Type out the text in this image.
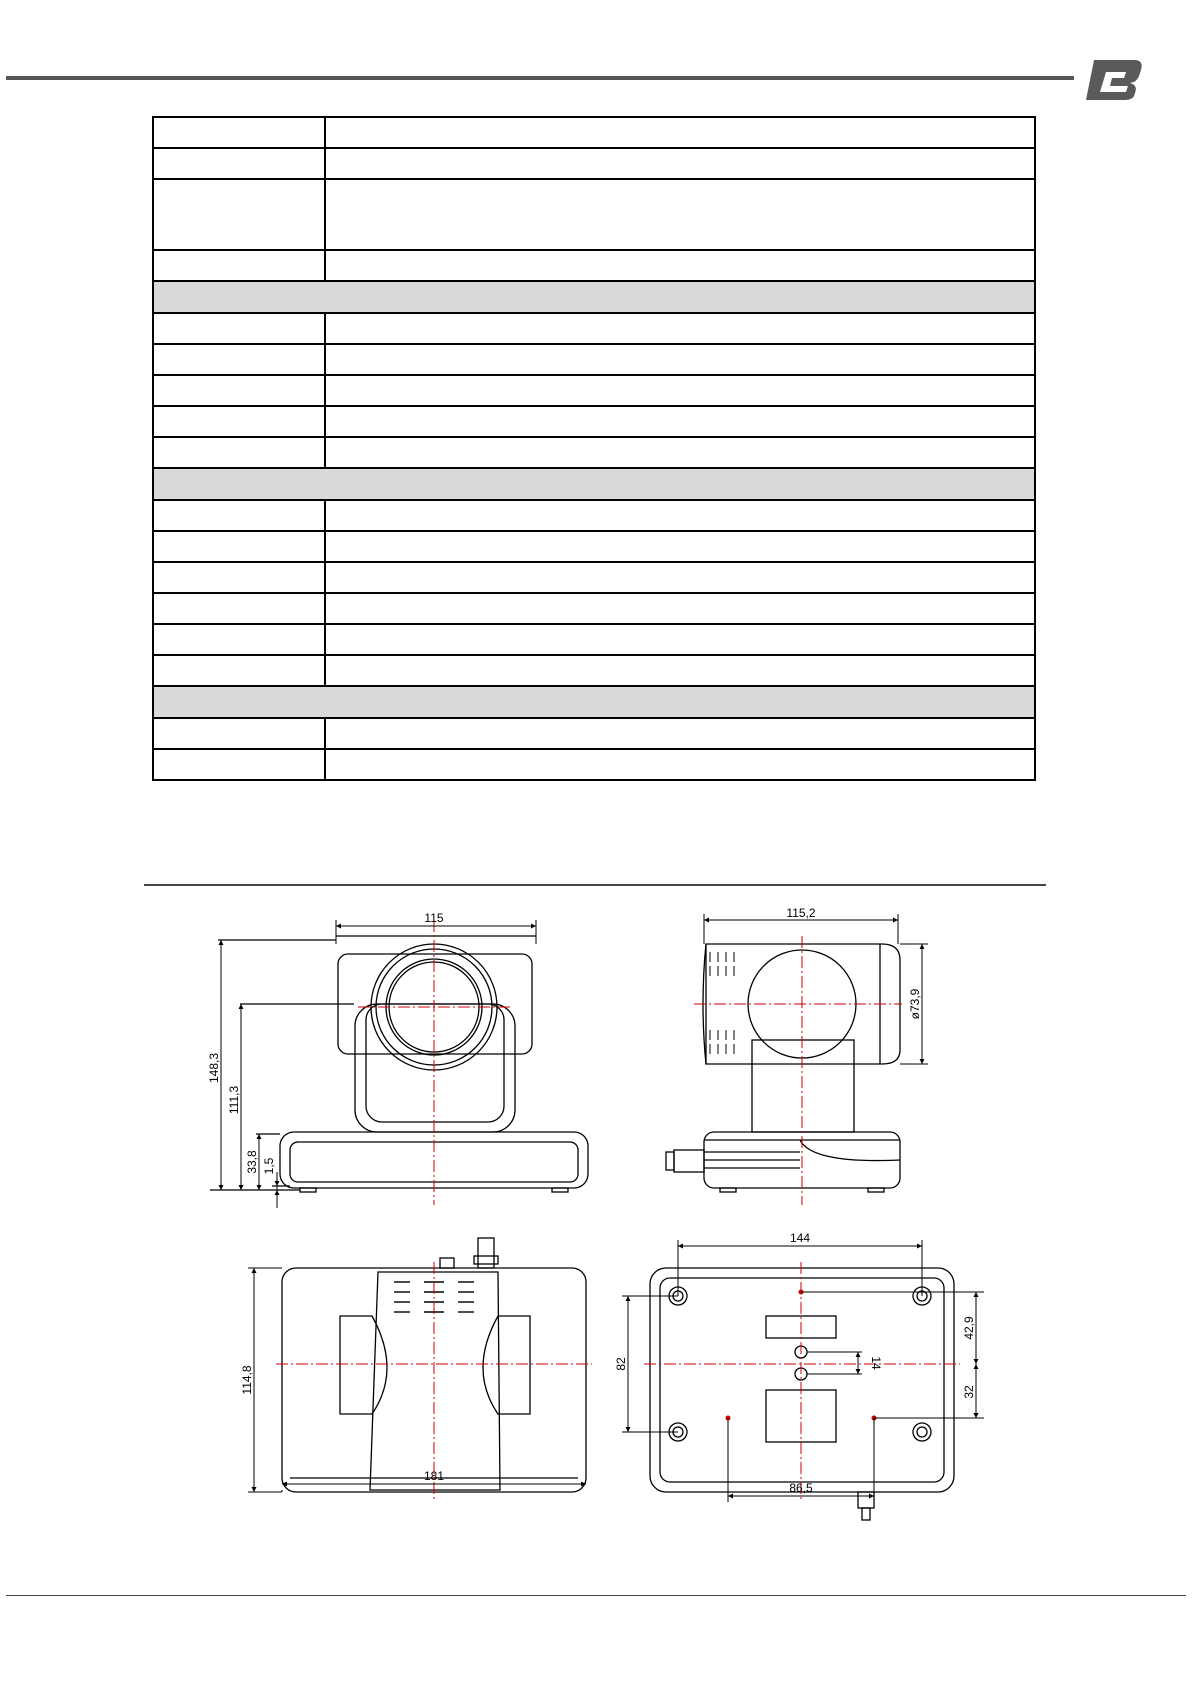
115
148,3
111,3
33,8 1,5
115,2
ø73,9
114,8
181
144
82
42,9
32
14
86,5
